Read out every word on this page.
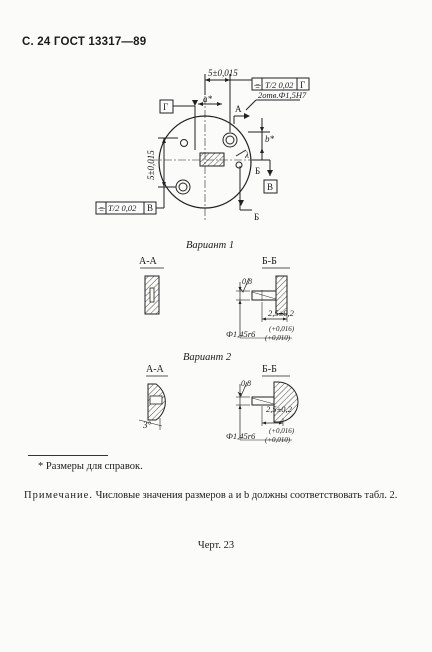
С. 24 ГОСТ 13317—89
5±0,015
⌯ T/2 0,02 Г
Г
a*
А
2отв.Ф1,5Н7
b*
λ
Б
В
Б
⌯ T/2 0,02 В
5±0,015
Вариант 1
А-А	Б-Б
0,8
2,5±0,2
Ф1,45r6 (+0,016)
(+0,010)
Вариант 2
А-А	Б-Б
3°
0,8
2,5±0,2
Ф1,45r6 (+0,016)
(+0,010)
* Размеры для справок.
Примечание. Числовые значения размеров a и b должны соответствовать табл. 2.
Черт. 23
